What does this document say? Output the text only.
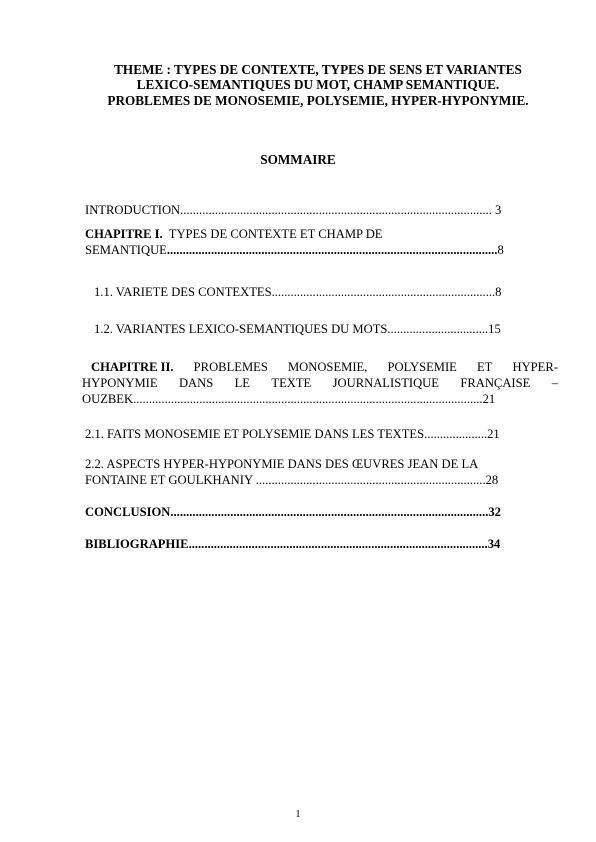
THEME : TYPES DE CONTEXTE, TYPES DE SENS ET VARIANTES
LEXICO-SEMANTIQUES DU MOT, CHAMP SEMANTIQUE.
PROBLEMES DE MONOSEMIE, POLYSEMIE, HYPER-HYPONYMIE.
SOMMAIRE
INTRODUCTION................................................................................................... 3
CHAPITRE I. TYPES DE CONTEXTE ET CHAMP DE
SEMANTIQUE.........................................................................................................8
1.1. VARIETE DES CONTEXTES.......................................................................8
1.2. VARIANTES LEXICO-SEMANTIQUES DU MOTS................................15
CHAPITRE II. PROBLEMES MONOSEMIE, POLYSEMIE ET HYPER-
HYPONYMIE DANS LE TEXTE JOURNALISTIQUE FRANÇAISE –
OUZBEK...............................................................................................................21
2.1. FAITS MONOSEMIE ET POLYSEMIE DANS LES TEXTES....................21
2.2. ASPECTS HYPER-HYPONYMIE DANS DES ŒUVRES JEAN DE LA
FONTAINE ET GOULKHANIY .........................................................................28
CONCLUSION.....................................................................................................32
BIBLIOGRAPHIE...............................................................................................34
1
